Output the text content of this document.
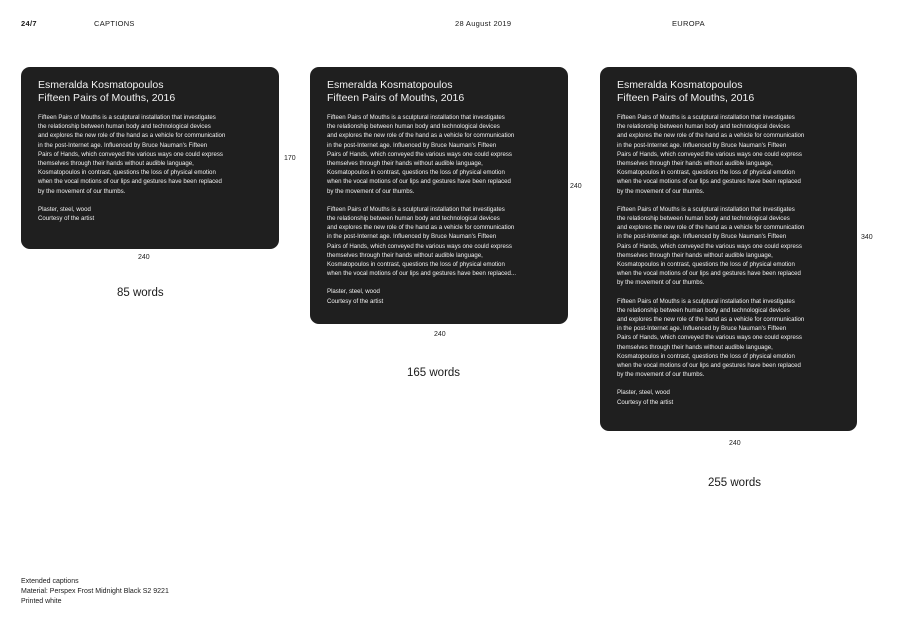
24/7	CAPTIONS	28 August 2019	EUROPA
Esmeralda Kosmatopoulos
Fifteen Pairs of Mouths, 2016
Fifteen Pairs of Mouths is a sculptural installation that investigates
the relationship between human body and technological devices
and explores the new role of the hand as a vehicle for communication
in the post-Internet age. Influenced by Bruce Nauman's Fifteen
Pairs of Hands, which conveyed the various ways one could express
themselves through their hands without audible language,
Kosmatopoulos in contrast, questions the loss of physical emotion
when the vocal motions of our lips and gestures have been replaced
by the movement of our thumbs.
Plaster, steel, wood
Courtesy of the artist
240
170
85 words
Esmeralda Kosmatopoulos
Fifteen Pairs of Mouths, 2016
Fifteen Pairs of Mouths is a sculptural installation that investigates
the relationship between human body and technological devices
and explores the new role of the hand as a vehicle for communication
in the post-Internet age. Influenced by Bruce Nauman's Fifteen
Pairs of Hands, which conveyed the various ways one could express
themselves through their hands without audible language,
Kosmatopoulos in contrast, questions the loss of physical emotion
when the vocal motions of our lips and gestures have been replaced
by the movement of our thumbs.
Fifteen Pairs of Mouths is a sculptural installation that investigates
the relationship between human body and technological devices
and explores the new role of the hand as a vehicle for communication
in the post-Internet age. Influenced by Bruce Nauman's Fifteen
Pairs of Hands, which conveyed the various ways one could express
themselves through their hands without audible language,
Kosmatopoulos in contrast, questions the loss of physical emotion
when the vocal motions of our lips and gestures have been replaced...
Plaster, steel, wood
Courtesy of the artist
240
240
165 words
Esmeralda Kosmatopoulos
Fifteen Pairs of Mouths, 2016
Fifteen Pairs of Mouths is a sculptural installation that investigates
the relationship between human body and technological devices
and explores the new role of the hand as a vehicle for communication
in the post-Internet age. Influenced by Bruce Nauman's Fifteen
Pairs of Hands, which conveyed the various ways one could express
themselves through their hands without audible language,
Kosmatopoulos in contrast, questions the loss of physical emotion
when the vocal motions of our lips and gestures have been replaced
by the movement of our thumbs.
Fifteen Pairs of Mouths is a sculptural installation that investigates
the relationship between human body and technological devices
and explores the new role of the hand as a vehicle for communication
in the post-Internet age. Influenced by Bruce Nauman's Fifteen
Pairs of Hands, which conveyed the various ways one could express
themselves through their hands without audible language,
Kosmatopoulos in contrast, questions the loss of physical emotion
when the vocal motions of our lips and gestures have been replaced
by the movement of our thumbs.
Fifteen Pairs of Mouths is a sculptural installation that investigates
the relationship between human body and technological devices
and explores the new role of the hand as a vehicle for communication
in the post-Internet age. Influenced by Bruce Nauman's Fifteen
Pairs of Hands, which conveyed the various ways one could express
themselves through their hands without audible language,
Kosmatopoulos in contrast, questions the loss of physical emotion
when the vocal motions of our lips and gestures have been replaced
by the movement of our thumbs.
Plaster, steel, wood
Courtesy of the artist
240
340
255 words
Extended captions
Material: Perspex Frost Midnight Black S2 9221
Printed white
